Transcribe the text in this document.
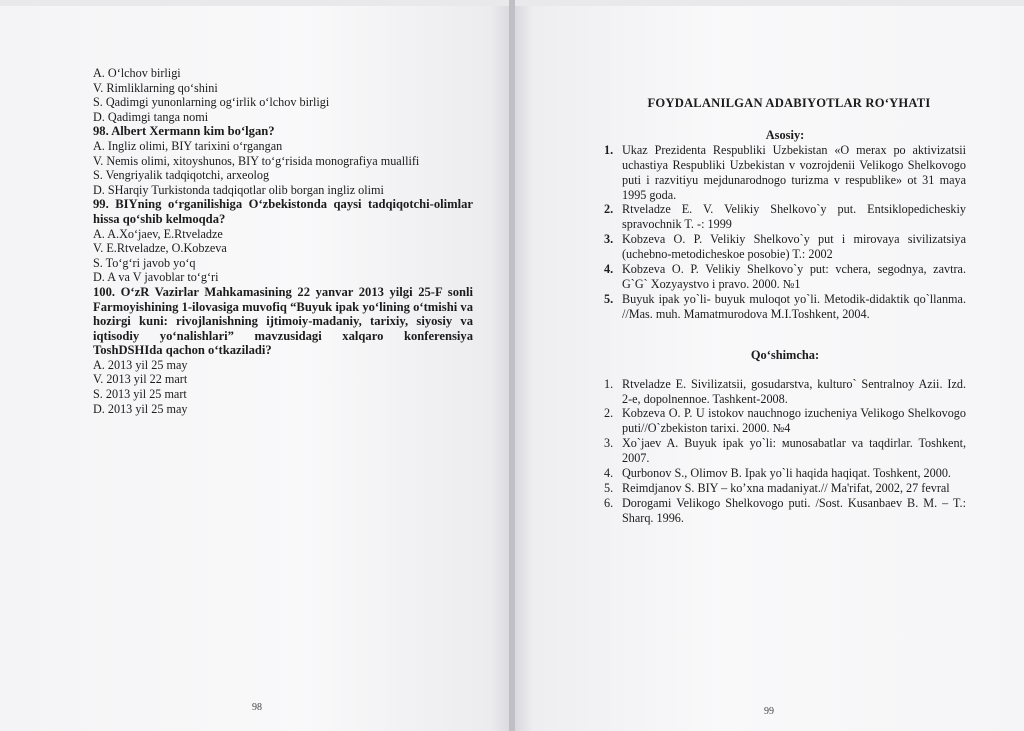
A. O‘lchov birligi
V. Rimliklarning qo‘shini
S. Qadimgi yunonlarning og‘irlik o‘lchov birligi
D. Qadimgi tanga nomi
98. Albert Xermann kim bo‘lgan?
A. Ingliz olimi, BIY tarixini o‘rgangan
V. Nemis olimi, xitoyshunos, BIY to‘g‘risida monografiya muallifi
S. Vengriyalik tadqiqotchi, arxeolog
D. SHarqiy Turkistonda tadqiqotlar olib borgan ingliz olimi
99. BIYning o‘rganilishiga O‘zbekistonda qaysi tadqiqotchi-olimlar hissa qo‘shib kelmoqda?
A. A.Xo‘jaev, E.Rtveladze
V. E.Rtveladze, O.Kobzeva
S. To‘g‘ri javob yo‘q
D. A va V javoblar to‘g‘ri
100. O‘zR Vazirlar Mahkamasining 22 yanvar 2013 yilgi 25-F sonli Farmoyishining 1-ilovasiga muvofiq “Buyuk ipak yo‘lining o‘tmishi va hozirgi kuni: rivojlanishning ijtimoiy-madaniy, tarixiy, siyosiy va iqtisodiy yo‘nalishlari” mavzusidagi xalqaro konferensiya ToshDSHIda qachon o‘tkaziladi?
A. 2013 yil 25 may
V. 2013 yil 22 mart
S. 2013 yil 25 mart
D. 2013 yil 25 may
98
FOYDALANILGAN ADABIYOTLAR RO‘YHATI
Asosiy:
1. Ukaz Prezidenta Respubliki Uzbekistan «O merax po aktivizatsii uchastiya Respubliki Uzbekistan v vozrojdenii Velikogo Shelkovogo puti i razvitiyu mejdunarodnogo turizma v respublike» ot 31 maya 1995 goda.
2. Rtveladze E. V. Velikiy Shelkovo`y put. Entsiklopedicheskiy spravochnik T. -: 1999
3. Kobzeva O. P. Velikiy Shelkovo`y put i mirovaya sivilizatsiya (uchebno-metodicheskoe posobie) T.: 2002
4. Kobzeva O. P. Velikiy Shelkovo`y put: vchera, segodnya, zavtra. G`G` Xozyaystvo i pravo. 2000. №1
5. Buyuk ipak yo`li- buyuk muloqot yo`li. Metodik-didaktik qo`llanma. //Mas. muh. Mamatmurodova M.I.Toshkent, 2004.
Qo‘shimcha:
1. Rtveladze E. Sivilizatsii, gosudarstva, kulturo` Sentralnoy Azii. Izd. 2-e, dopolnennoe. Tashkent-2008.
2. Kobzeva O. P. U istokov nauchnogo izucheniya Velikogo Shelkovogo puti//O`zbekiston tarixi. 2000. №4
3. Xo`jaev A. Buyuk ipak yo`li: мunosabatlar va taqdirlar. Toshkent, 2007.
4. Qurbonov S., Olimov B. Ipak yo`li haqida haqiqat. Toshkent, 2000.
5. Reimdjanov S. BIY – ko’xna madaniyat.// Ma'rifat, 2002, 27 fevral
6. Dorogami Velikogo Shelkovogo puti. /Sost. Kusanbaev B. M. – T.: Sharq. 1996.
99
